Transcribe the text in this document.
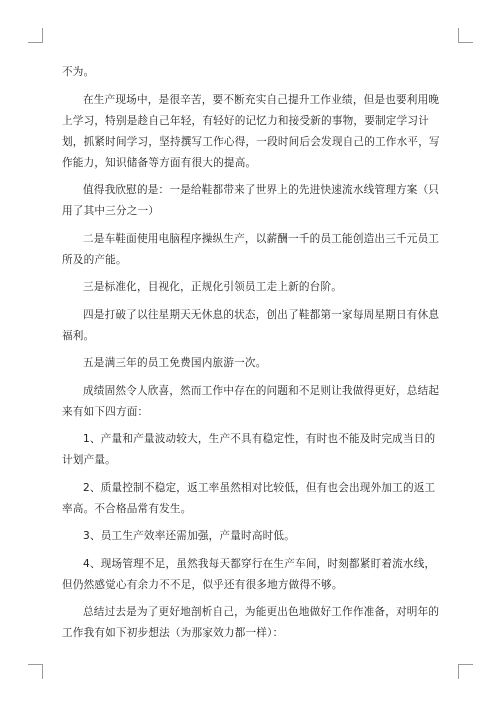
不为。

在生产现场中，是很辛苦，要不断充实自己提升工作业绩，但是也要利用晚上学习，特别是趁自己年轻，有轻好的记忆力和接受新的事物，要制定学习计划，抓紧时间学习，坚持撰写工作心得，一段时间后会发现自己的工作水平，写作能力，知识储备等方面有很大的提高。

值得我欣慰的是：一是给鞋都带来了世界上的先进快速流水线管理方案（只用了其中三分之一）

二是车鞋面使用电脑程序操纵生产，以薪酬一千的员工能创造出三千元员工所及的产能。

三是标准化，目视化，正规化引领员工走上新的台阶。

四是打破了以往星期天无休息的状态，创出了鞋都第一家每周星期日有休息福利。

五是满三年的员工免费国内旅游一次。

成绩固然令人欣喜，然而工作中存在的问题和不足则让我做得更好，总结起来有如下四方面：

1、产量和产量波动较大，生产不具有稳定性，有时也不能及时完成当日的计划产量。

2、质量控制不稳定，返工率虽然相对比较低，但有也会出现外加工的返工率高。不合格品常有发生。

3、员工生产效率还需加强，产量时高时低。

4、现场管理不足，虽然我每天都穿行在生产车间，时刻都紧盯着流水线，但仍然感觉心有余力不不足，似乎还有很多地方做得不够。

总结过去是为了更好地剖析自己，为能更出色地做好工作作准备，对明年的工作我有如下初步想法（为那家效力都一样）：
